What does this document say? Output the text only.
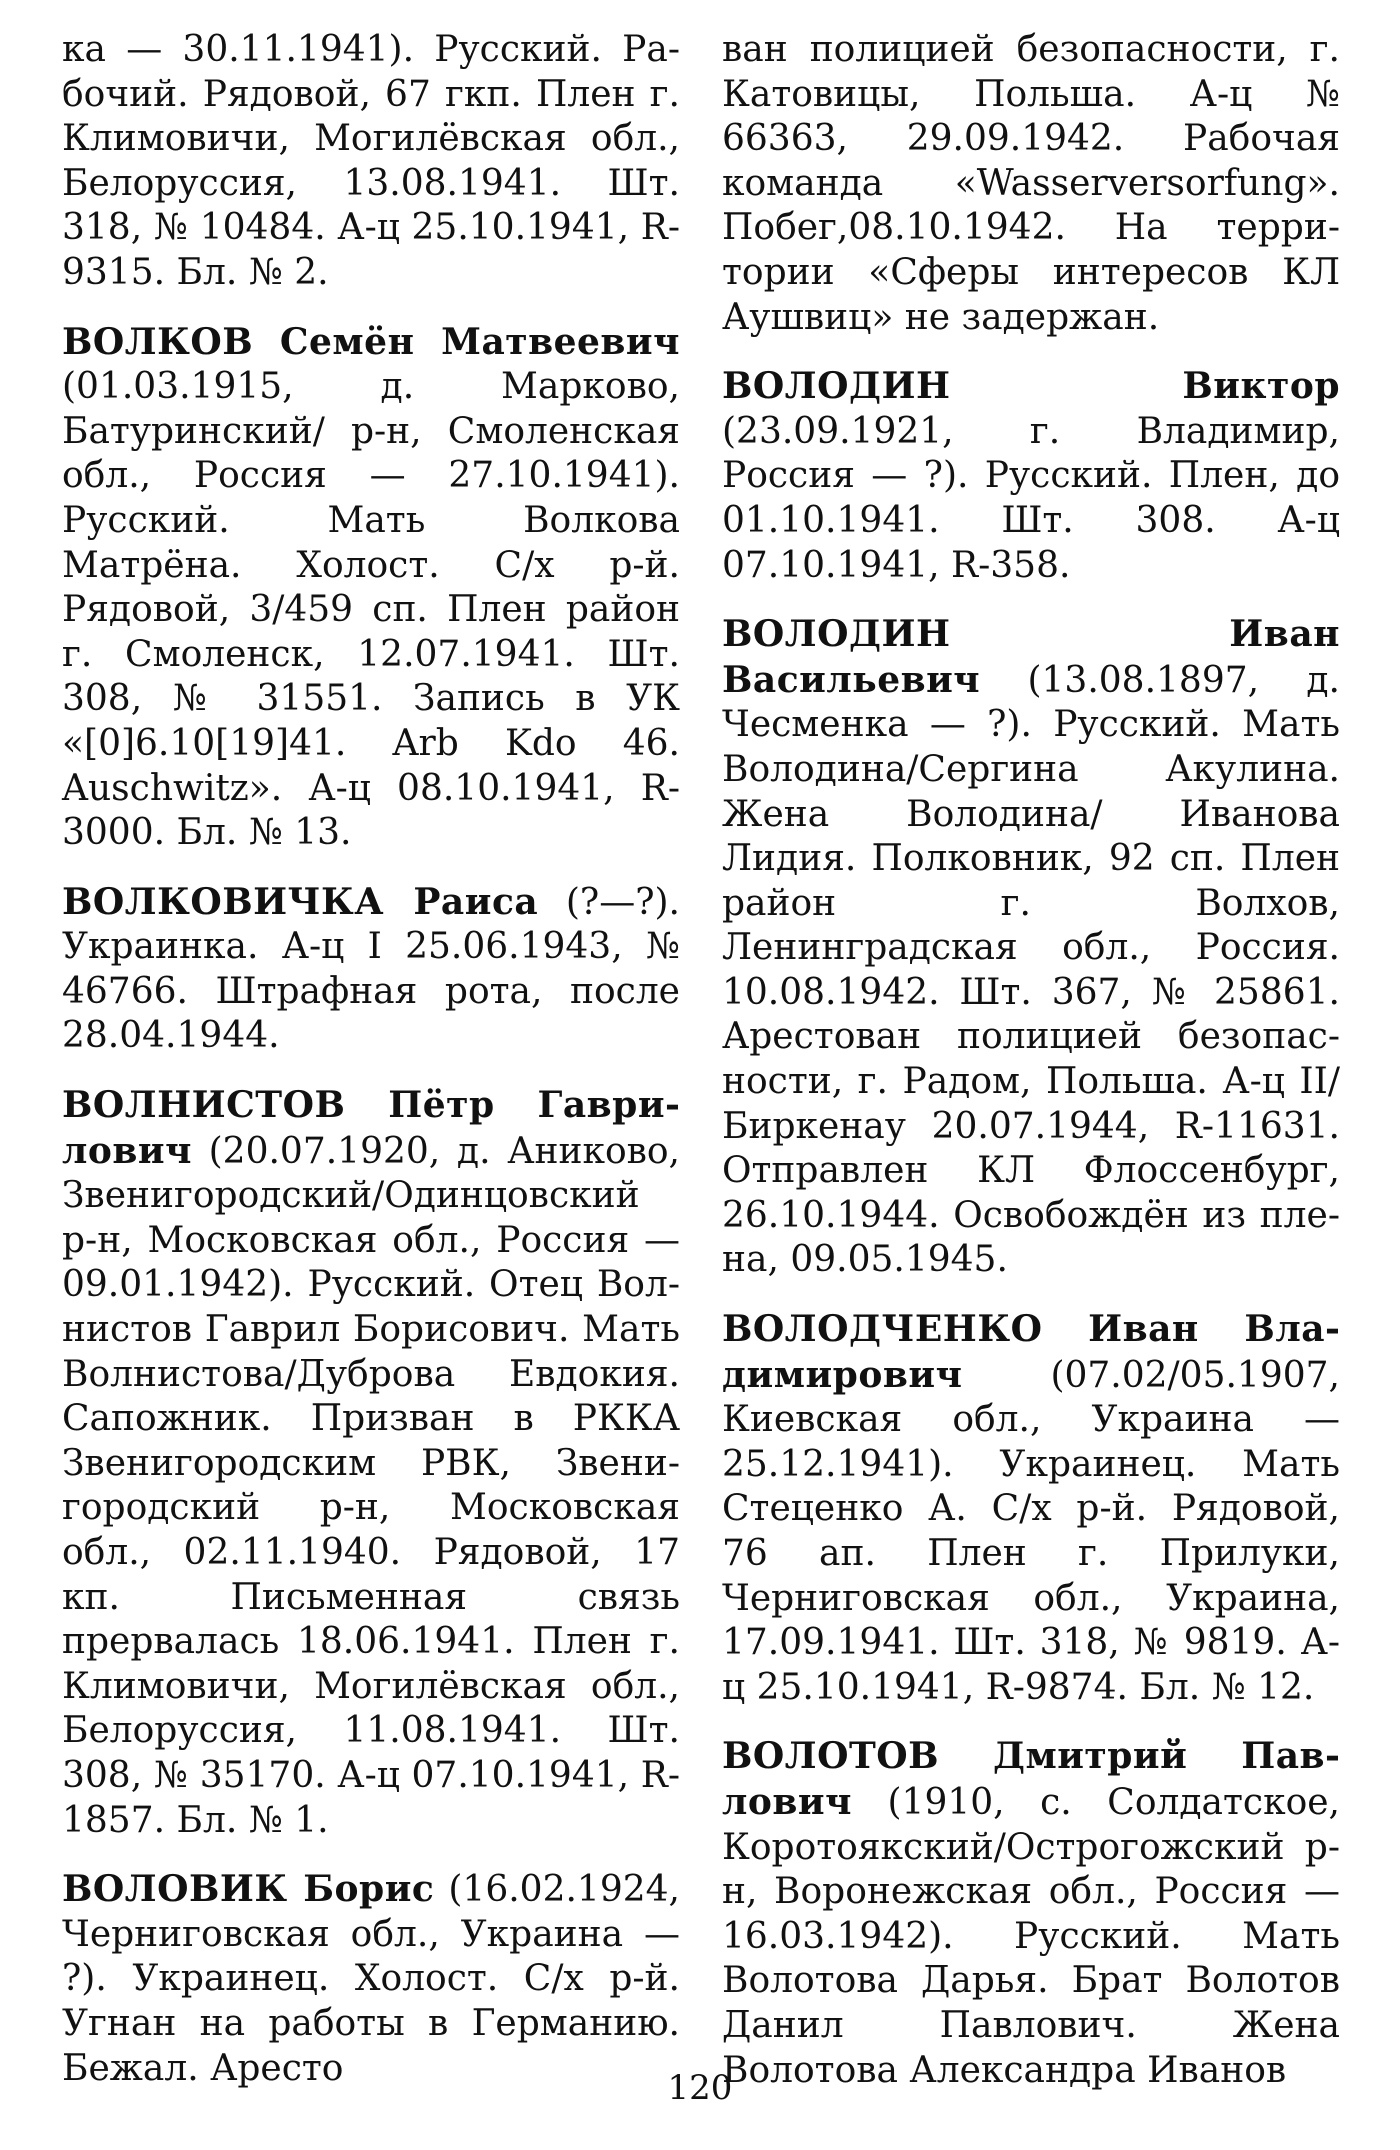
ка — 30.11.1941). Русский. Рабочий. Рядовой, 67 гкп. Плен г. Климовичи, Могилёвская обл., Белоруссия, 13.08.1941. Шт. 318, № 10484. А-ц 25.10.1941, R-9315. Бл. № 2.
ВОЛКОВ Семён Матвеевич (01.03.1915, д. Марково, Батуринский/ р-н, Смоленская обл., Россия — 27.10.1941). Русский. Мать Волкова Матрёна. Холост. С/х р-й. Рядовой, 3/459 сп. Плен район г. Смоленск, 12.07.1941. Шт. 308, № 31551. Запись в УК «[0]6.10[19]41. Arb Kdo 46. Auschwitz». А-ц 08.10.1941, R-3000. Бл. № 13.
ВОЛКОВИЧКА Раиса (?—?). Украинка. А-ц I 25.06.1943, № 46766. Штрафная рота, после 28.04.1944.
ВОЛНИСТОВ Пётр Гаврилович (20.07.1920, д. Аниково, Звенигородский/Одинцовский р-н, Московская обл., Россия — 09.01.1942). Русский. Отец Волнистов Гаврил Борисович. Мать Волнистова/Дуброва Евдокия. Сапожник. Призван в РККА Звенигородским РВК, Звенигородский р-н, Московская обл., 02.11.1940. Рядовой, 17 кп. Письменная связь прервалась 18.06.1941. Плен г. Климовичи, Могилёвская обл., Белоруссия, 11.08.1941. Шт. 308, № 35170. А-ц 07.10.1941, R-1857. Бл. № 1.
ВОЛОВИК Борис (16.02.1924, Черниговская обл., Украина — ?). Украинец. Холост. С/х р-й. Угнан на работы в Германию. Бежал. Аресто
ван полицией безопасности, г. Катовицы, Польша. А-ц № 66363, 29.09.1942. Рабочая команда «Wasserversorfung». Побег,08.10.1942. На территории «Сферы интересов КЛ Аушвиц» не задержан.
ВОЛОДИН Виктор (23.09.1921, г. Владимир, Россия — ?). Русский. Плен, до 01.10.1941. Шт. 308. А-ц 07.10.1941, R-358.
ВОЛОДИН Иван Васильевич (13.08.1897, д. Чесменка — ?). Русский. Мать Володина/Сергина Акулина. Жена Володина/ Иванова Лидия. Полковник, 92 сп. Плен район г. Волхов, Ленинградская обл., Россия. 10.08.1942. Шт. 367, № 25861. Арестован полицией безопасности, г. Радом, Польша. А-ц II/ Биркенау 20.07.1944, R-11631. Отправлен КЛ Флоссенбург, 26.10.1944. Освобождён из плена, 09.05.1945.
ВОЛОДЧЕНКО Иван Владимирович (07.02/05.1907, Киевская обл., Украина — 25.12.1941). Украинец. Мать Стеценко А. С/х р-й. Рядовой, 76 ап. Плен г. Прилуки, Черниговская обл., Украина, 17.09.1941. Шт. 318, № 9819. А-ц 25.10.1941, R-9874. Бл. № 12.
ВОЛОТОВ Дмитрий Павлович (1910, с. Солдатское, Коротоякский/Острогожский р-н, Воронежская обл., Россия — 16.03.1942). Русский. Мать Волотова Дарья. Брат Волотов Данил Павлович. Жена Волотова Александра Иванов
120
